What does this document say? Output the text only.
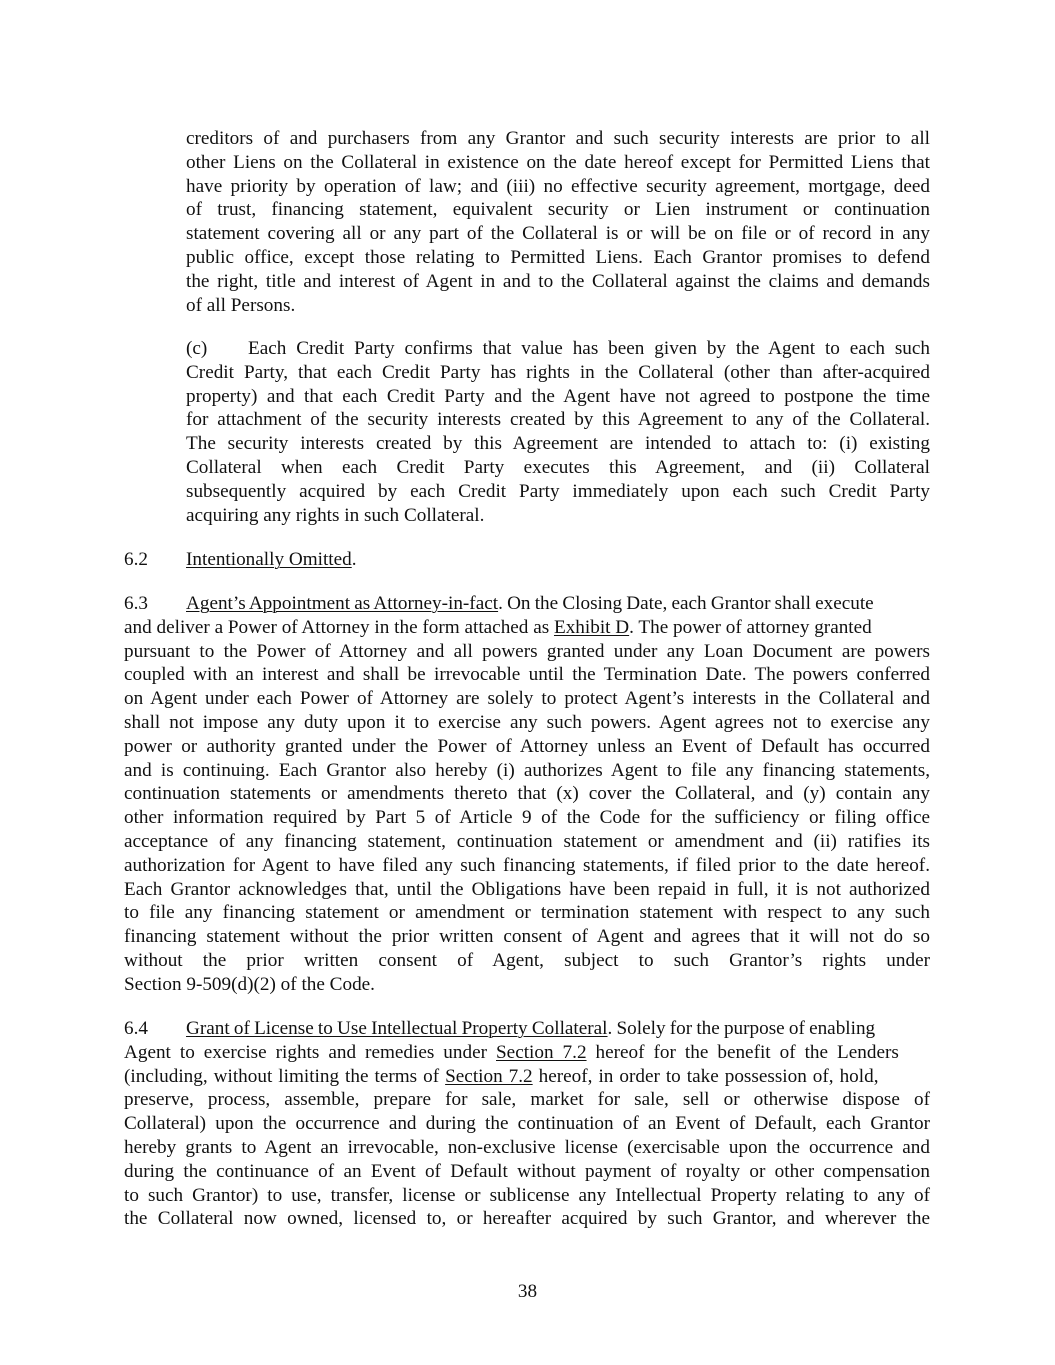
creditors of and purchasers from any Grantor and such security interests are prior to all
other Liens on the Collateral in existence on the date hereof except for Permitted Liens that
have priority by operation of law; and (iii) no effective security agreement, mortgage, deed
of trust, financing statement, equivalent security or Lien instrument or continuation
statement covering all or any part of the Collateral is or will be on file or of record in any
public office, except those relating to Permitted Liens. Each Grantor promises to defend
the right, title and interest of Agent in and to the Collateral against the claims and demands
of all Persons.
(c) Each Credit Party confirms that value has been given by the Agent to each such
Credit Party, that each Credit Party has rights in the Collateral (other than after-acquired
property) and that each Credit Party and the Agent have not agreed to postpone the time
for attachment of the security interests created by this Agreement to any of the Collateral.
The security interests created by this Agreement are intended to attach to: (i) existing
Collateral when each Credit Party executes this Agreement, and (ii) Collateral
subsequently acquired by each Credit Party immediately upon each such Credit Party
acquiring any rights in such Collateral.
6.2 Intentionally Omitted.
6.3 Agent’s Appointment as Attorney-in-fact. On the Closing Date, each Grantor shall execute
and deliver a Power of Attorney in the form attached as Exhibit D. The power of attorney granted
pursuant to the Power of Attorney and all powers granted under any Loan Document are powers
coupled with an interest and shall be irrevocable until the Termination Date. The powers conferred
on Agent under each Power of Attorney are solely to protect Agent’s interests in the Collateral and
shall not impose any duty upon it to exercise any such powers. Agent agrees not to exercise any
power or authority granted under the Power of Attorney unless an Event of Default has occurred
and is continuing. Each Grantor also hereby (i) authorizes Agent to file any financing statements,
continuation statements or amendments thereto that (x) cover the Collateral, and (y) contain any
other information required by Part 5 of Article 9 of the Code for the sufficiency or filing office
acceptance of any financing statement, continuation statement or amendment and (ii) ratifies its
authorization for Agent to have filed any such financing statements, if filed prior to the date hereof.
Each Grantor acknowledges that, until the Obligations have been repaid in full, it is not authorized
to file any financing statement or amendment or termination statement with respect to any such
financing statement without the prior written consent of Agent and agrees that it will not do so
without the prior written consent of Agent, subject to such Grantor’s rights under
Section 9-509(d)(2) of the Code.
6.4 Grant of License to Use Intellectual Property Collateral. Solely for the purpose of enabling
Agent to exercise rights and remedies under Section 7.2 hereof for the benefit of the Lenders
(including, without limiting the terms of Section 7.2 hereof, in order to take possession of, hold,
preserve, process, assemble, prepare for sale, market for sale, sell or otherwise dispose of
Collateral) upon the occurrence and during the continuation of an Event of Default, each Grantor
hereby grants to Agent an irrevocable, non-exclusive license (exercisable upon the occurrence and
during the continuance of an Event of Default without payment of royalty or other compensation
to such Grantor) to use, transfer, license or sublicense any Intellectual Property relating to any of
the Collateral now owned, licensed to, or hereafter acquired by such Grantor, and wherever the
38
